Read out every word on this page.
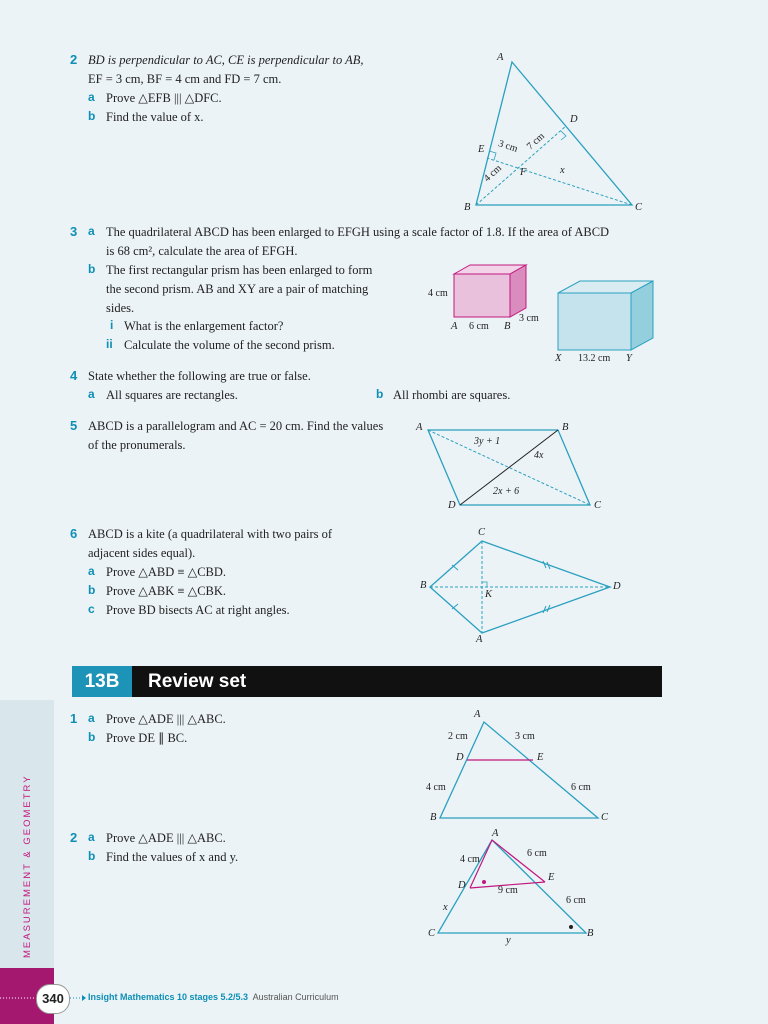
MEASUREMENT & GEOMETRY
340	Insight Mathematics 10 stages 5.2/5.3 Australian Curriculum
2 BD is perpendicular to AC, CE is perpendicular to AB,
EF = 3 cm, BF = 4 cm and FD = 7 cm.
a Prove △EFB ||| △DFC.
b Find the value of x.
A
B	C
D
E
F	x
3 cm 7 cm
4 cm
3 a The quadrilateral ABCD has been enlarged to EFGH using a scale factor of 1.8. If the area of ABCD
is 68 cm², calculate the area of EFGH.
b The first rectangular prism has been enlarged to form
the second prism. AB and XY are a pair of matching
sides.
i What is the enlargement factor?
ii Calculate the volume of the second prism.
4 cm
A 6 cm B
3 cm
X 13.2 cm Y
4 State whether the following are true or false.
a All squares are rectangles.	b All rhombi are squares.
5 ABCD is a parallelogram and AC = 20 cm. Find the values
of the pronumerals.
A	B
C
D
3y + 1
4x
2x + 6
6 ABCD is a kite (a quadrilateral with two pairs of
adjacent sides equal).
a Prove △ABD ≡ △CBD.
b Prove △ABK ≡ △CBK.
c Prove BD bisects AC at right angles.
C
B	D
A
K
13B	Review set
1 a Prove △ADE ||| △ABC.
b Prove DE ∥ BC.
A
2 cm	3 cm
D	E
4 cm	6 cm
B	C
2 a Prove △ADE ||| △ABC.
b Find the values of x and y.
A
4 cm
6 cm
D
E
9 cm
6 cm
x
C
y
B
